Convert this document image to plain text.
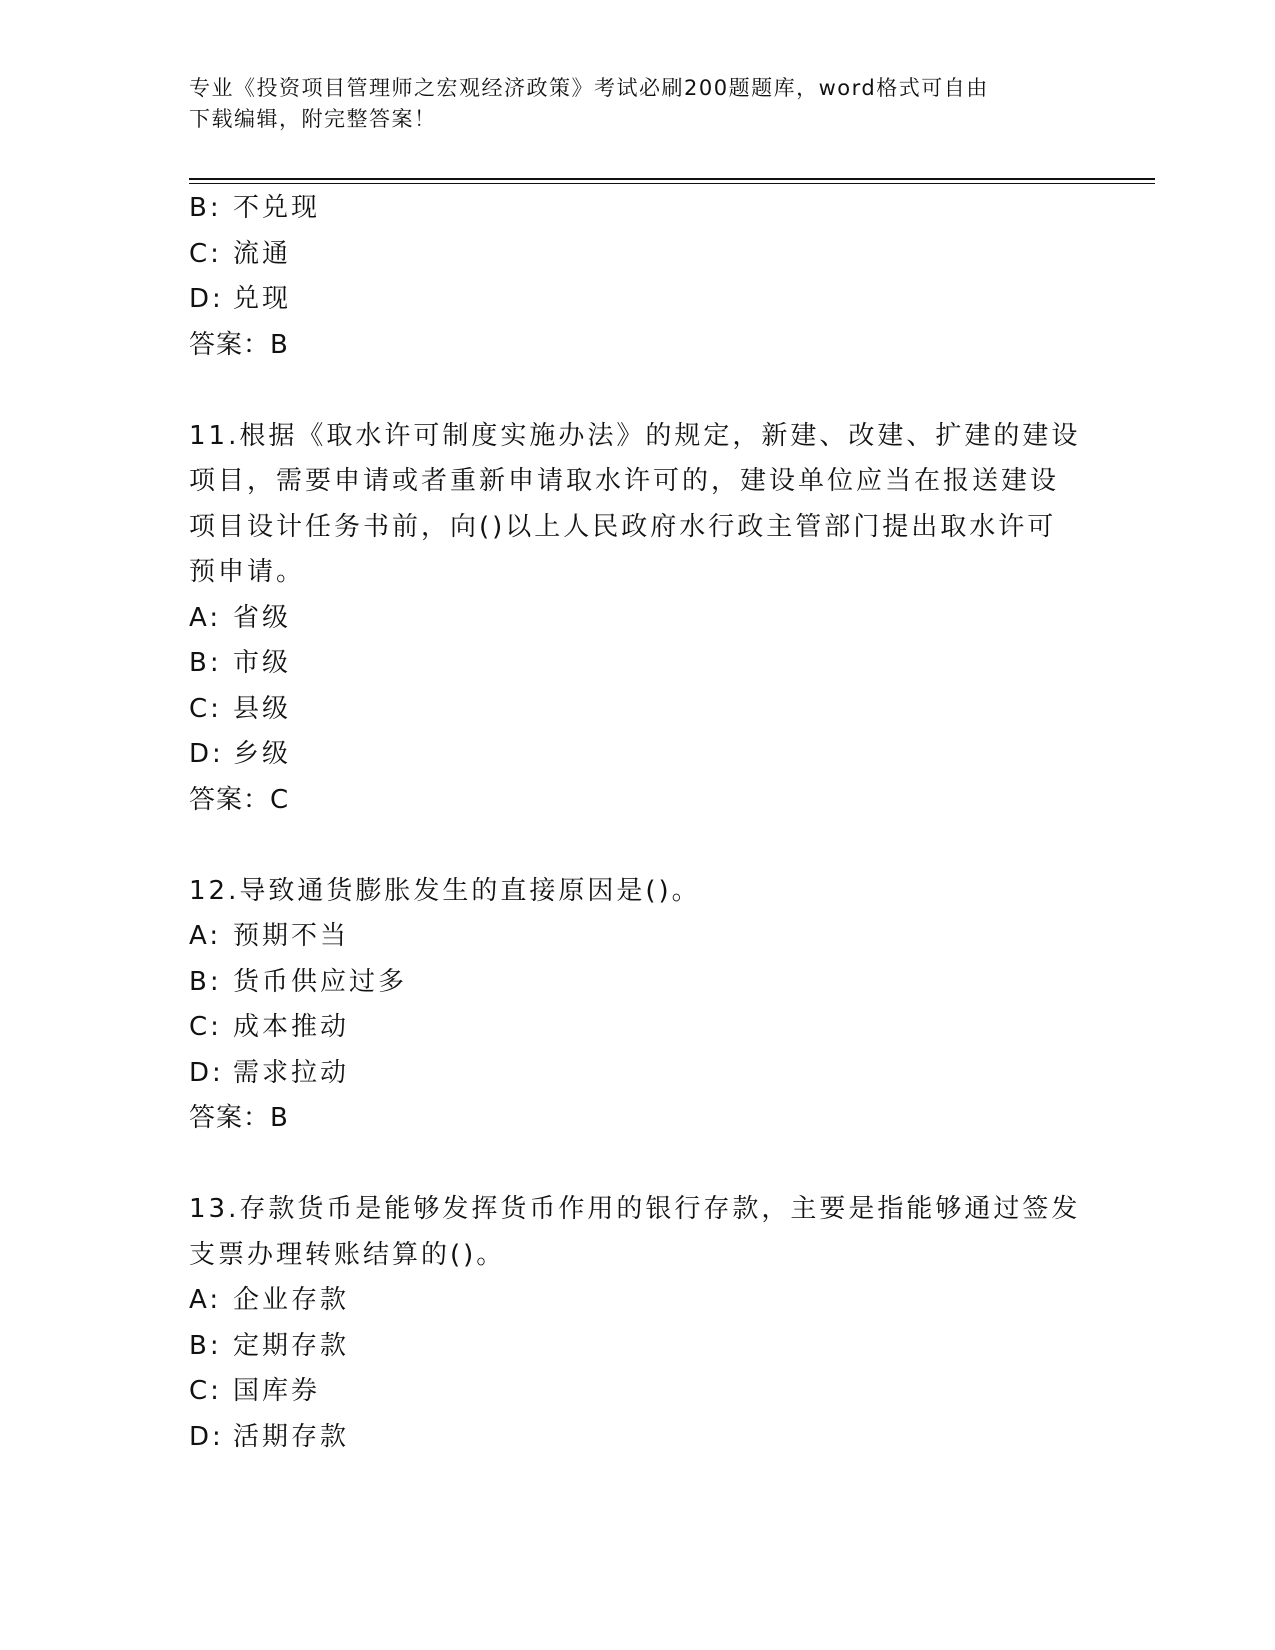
专业《投资项目管理师之宏观经济政策》考试必刷200题题库，word格式可自由
下载编辑，附完整答案！
B: 不兑现
C: 流通
D: 兑现
答案：B
11.根据《取水许可制度实施办法》的规定，新建、改建、扩建的建设
项目，需要申请或者重新申请取水许可的，建设单位应当在报送建设
项目设计任务书前，向()以上人民政府水行政主管部门提出取水许可
预申请。
A: 省级
B: 市级
C: 县级
D: 乡级
答案：C
12.导致通货膨胀发生的直接原因是()。
A: 预期不当
B: 货币供应过多
C: 成本推动
D: 需求拉动
答案：B
13.存款货币是能够发挥货币作用的银行存款，主要是指能够通过签发
支票办理转账结算的()。
A: 企业存款
B: 定期存款
C: 国库券
D: 活期存款
